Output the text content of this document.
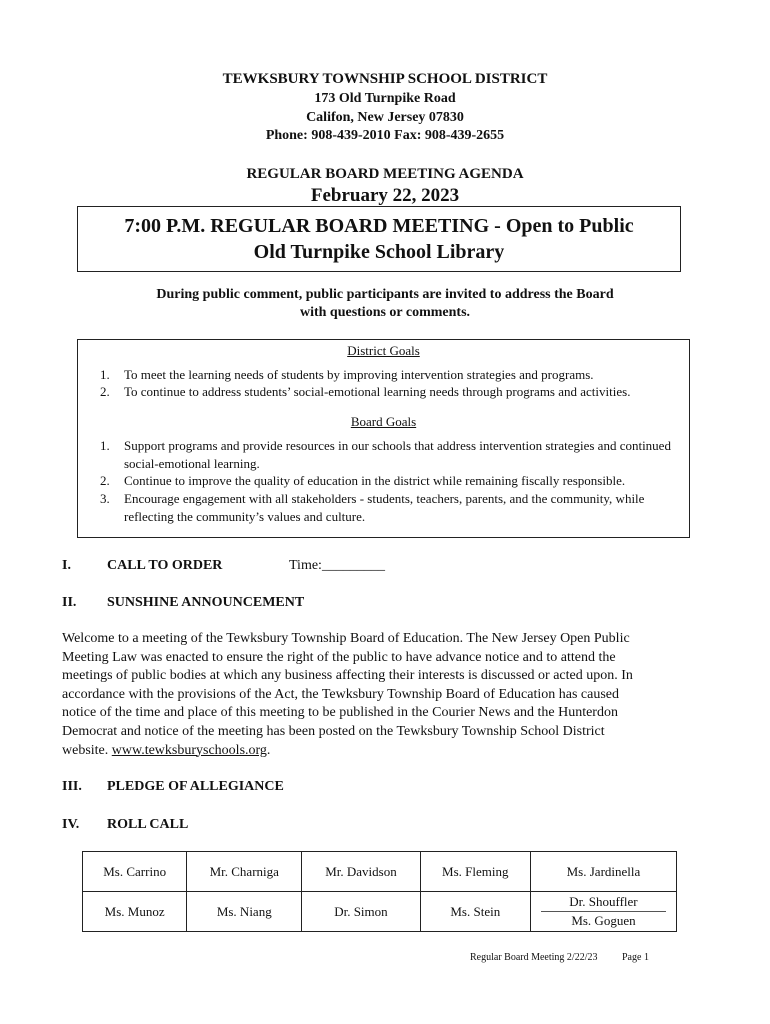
TEWKSBURY TOWNSHIP SCHOOL DISTRICT
173 Old Turnpike Road
Califon, New Jersey 07830
Phone: 908-439-2010 Fax: 908-439-2655
REGULAR BOARD MEETING AGENDA
February 22, 2023
7:00 P.M. REGULAR BOARD MEETING - Open to Public
Old Turnpike School Library
During public comment, public participants are invited to address the Board
with questions or comments.
District Goals
1. To meet the learning needs of students by improving intervention strategies and programs.
2. To continue to address students’ social-emotional learning needs through programs and activities.
Board Goals
1. Support programs and provide resources in our schools that address intervention strategies and continued social-emotional learning.
2. Continue to improve the quality of education in the district while remaining fiscally responsible.
3. Encourage engagement with all stakeholders - students, teachers, parents, and the community, while reflecting the community’s values and culture.
I.	CALL TO ORDER	Time:_________
II. SUNSHINE ANNOUNCEMENT
Welcome to a meeting of the Tewksbury Township Board of Education. The New Jersey Open Public
Meeting Law was enacted to ensure the right of the public to have advance notice and to attend the
meetings of public bodies at which any business affecting their interests is discussed or acted upon. In
accordance with the provisions of the Act, the Tewksbury Township Board of Education has caused
notice of the time and place of this meeting to be published in the Courier News and the Hunterdon
Democrat and notice of the meeting has been posted on the Tewksbury Township School District
website. www.tewksburyschools.org.
III. PLEDGE OF ALLEGIANCE
IV. ROLL CALL
Ms. Carrino	Mr. Charniga	Mr. Davidson	Ms. Fleming	Ms. Jardinella
Ms. Munoz	Ms. Niang	Dr. Simon	Ms. Stein	Dr. Shouffler
Ms. Goguen
Regular Board Meeting 2/22/23 Page 1
